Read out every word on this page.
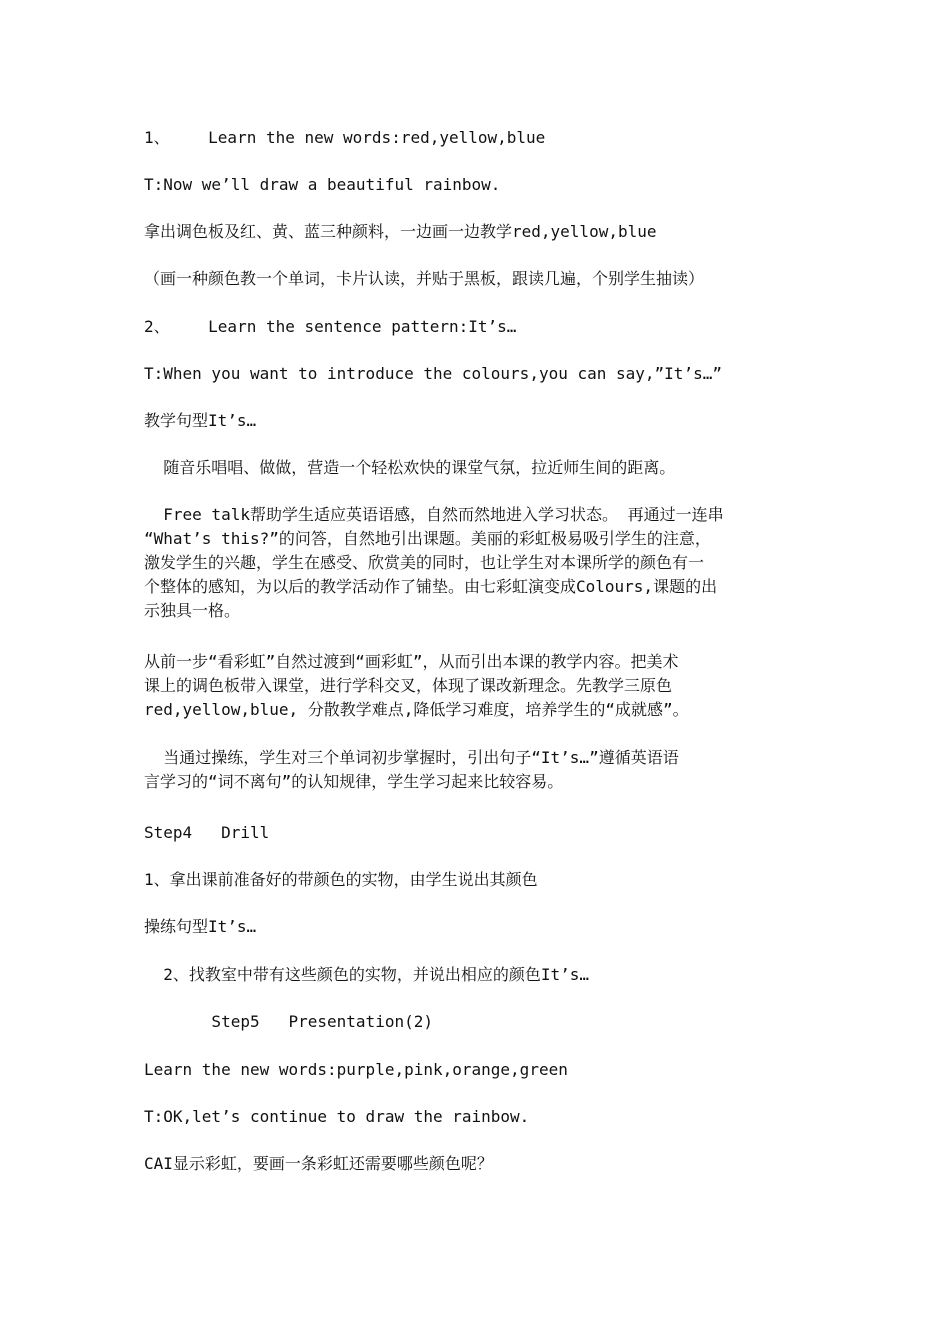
1、    Learn the new words:red,yellow,blue
T:Now we’ll draw a beautiful rainbow.
拿出调色板及红、黄、蓝三种颜料，一边画一边教学red,yellow,blue
（画一种颜色教一个单词，卡片认读，并贴于黑板，跟读几遍，个别学生抽读）
2、    Learn the sentence pattern:It’s…
T:When you want to introduce the colours,you can say,”It’s…”
教学句型It’s…
随音乐唱唱、做做，营造一个轻松欢快的课堂气氛，拉近师生间的距离。
Free talk帮助学生适应英语语感，自然而然地进入学习状态。 再通过一连串
“What’s this?”的问答，自然地引出课题。美丽的彩虹极易吸引学生的注意，
激发学生的兴趣，学生在感受、欣赏美的同时，也让学生对本课所学的颜色有一
个整体的感知，为以后的教学活动作了铺垫。由七彩虹演变成Colours,课题的出
示独具一格。
从前一步“看彩虹”自然过渡到“画彩虹”，从而引出本课的教学内容。把美术
课上的调色板带入课堂，进行学科交叉，体现了课改新理念。先教学三原色
red,yellow,blue, 分散教学难点,降低学习难度，培养学生的“成就感”。
当通过操练，学生对三个单词初步掌握时，引出句子“It’s…”遵循英语语
言学习的“词不离句”的认知规律，学生学习起来比较容易。
Step4   Drill
1、拿出课前准备好的带颜色的实物，由学生说出其颜色
操练句型It’s…
2、找教室中带有这些颜色的实物，并说出相应的颜色It’s…
Step5   Presentation(2)
Learn the new words:purple,pink,orange,green
T:OK,let’s continue to draw the rainbow.
CAI显示彩虹，要画一条彩虹还需要哪些颜色呢？
